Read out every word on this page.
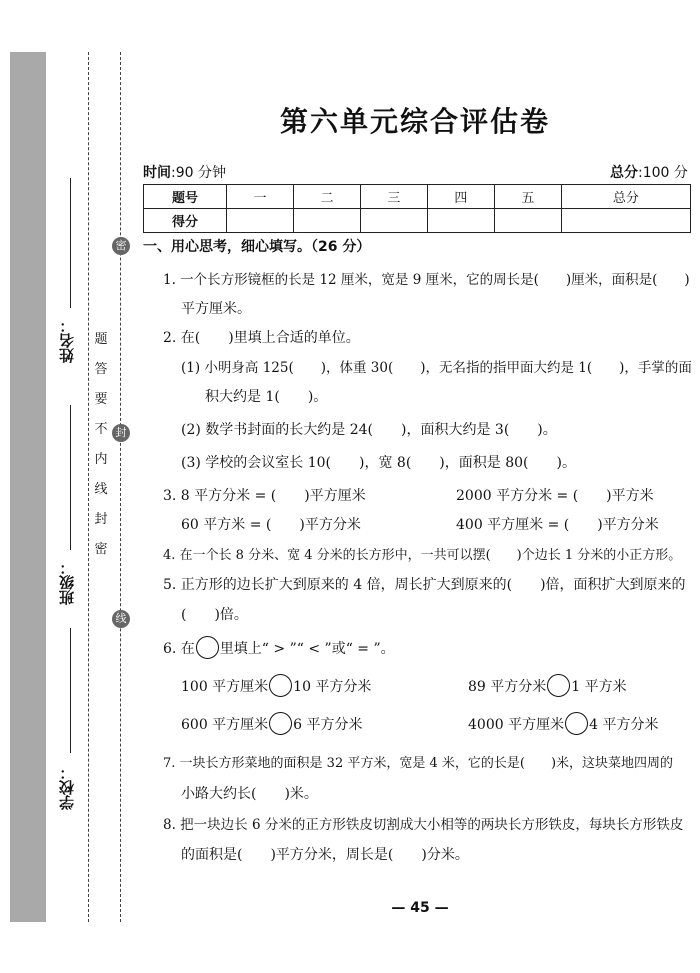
姓名：
班级：
学校：
题
答
要
不
内
线
封
密
密
封
线
第六单元综合评估卷
时间:90 分钟	总分:100 分
题号	一	二	三	四	五	总分
得分						
一、用心思考，细心填写。（26 分）
1. 一个长方形镜框的长是 12 厘米，宽是 9 厘米，它的周长是(　　)厘米，面积是(　　)
平方厘米。
2. 在(　　)里填上合适的单位。
(1) 小明身高 125(　　)，体重 30(　　)，无名指的指甲面大约是 1(　　)，手掌的面
积大约是 1(　　)。
(2) 数学书封面的长大约是 24(　　)，面积大约是 3(　　)。
(3) 学校的会议室长 10(　　)，宽 8(　　)，面积是 80(　　)。
3. 8 平方分米 = (　　)平方厘米	2000 平方分米 = (　　)平方米
60 平方米 = (　　)平方分米	400 平方厘米 = (　　)平方分米
4. 在一个长 8 分米、宽 4 分米的长方形中，一共可以摆(　　)个边长 1 分米的小正方形。
5. 正方形的边长扩大到原来的 4 倍，周长扩大到原来的(　　)倍，面积扩大到原来的
(　　)倍。
6. 在 里填上“ > ”“ < ”或“ = ”。
100 平方厘米 10 平方分米	89 平方分米 1 平方米
600 平方厘米 6 平方分米	4000 平方厘米 4 平方分米
7. 一块长方形菜地的面积是 32 平方米，宽是 4 米，它的长是(　　)米，这块菜地四周的
小路大约长(　　)米。
8. 把一块边长 6 分米的正方形铁皮切割成大小相等的两块长方形铁皮，每块长方形铁皮
的面积是(　　)平方分米，周长是(　　)分米。
— 45 —
